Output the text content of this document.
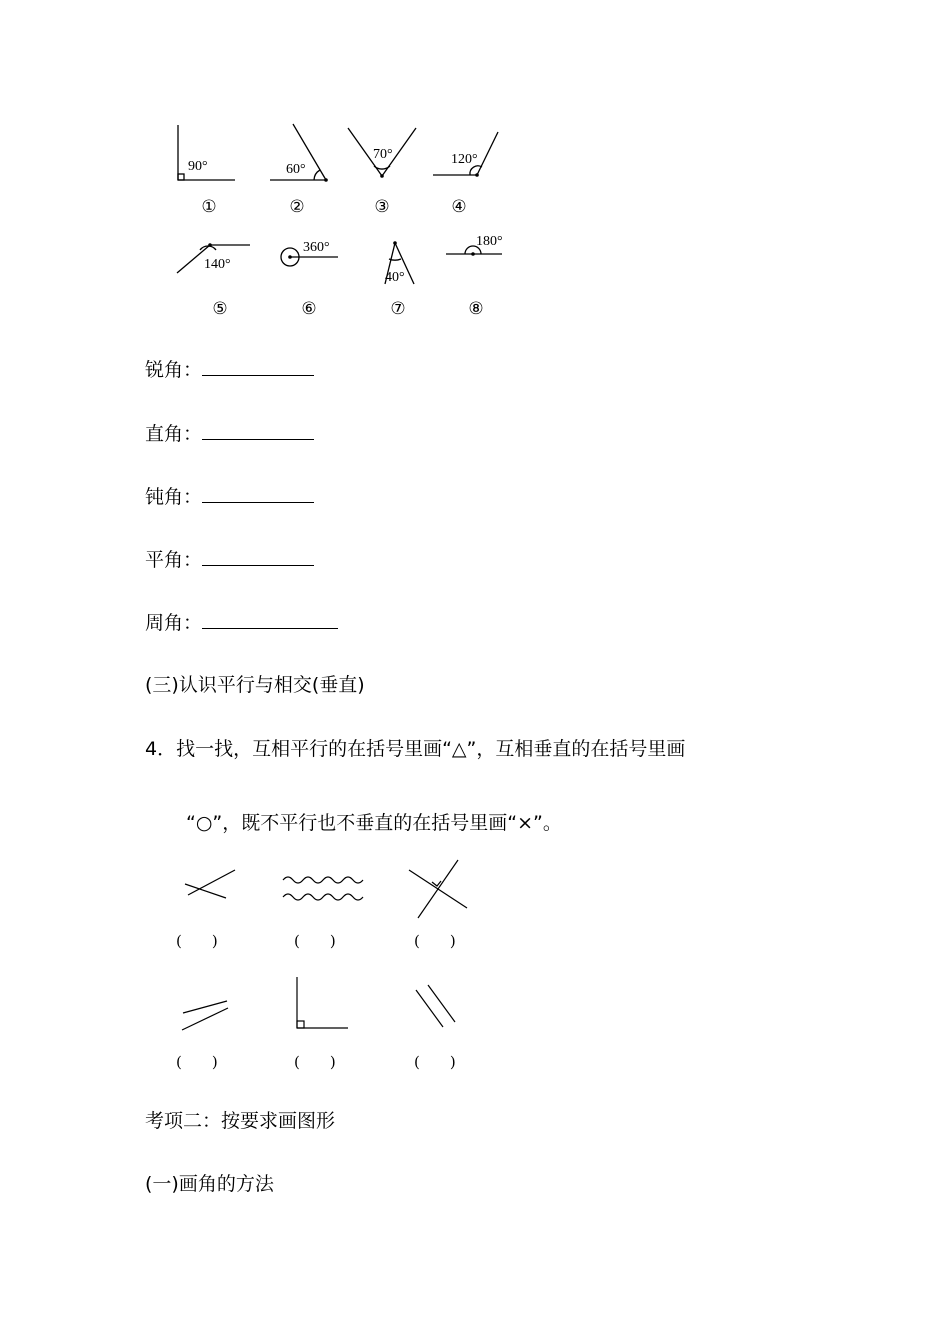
90°	60°
70°	120°
140°
360°
40°
180°
①	②	③	④
⑤	⑥	⑦	⑧
锐角：
直角：
钝角：
平角：
周角：
(三)认识平行与相交(垂直)
4．找一找，互相平行的在括号里画“△”，互相垂直的在括号里画
“○”，既不平行也不垂直的在括号里画“×”。
(　　)	(　　)	(　　)
(　　)	(　　)	(　　)
考项二：按要求画图形
(一)画角的方法
